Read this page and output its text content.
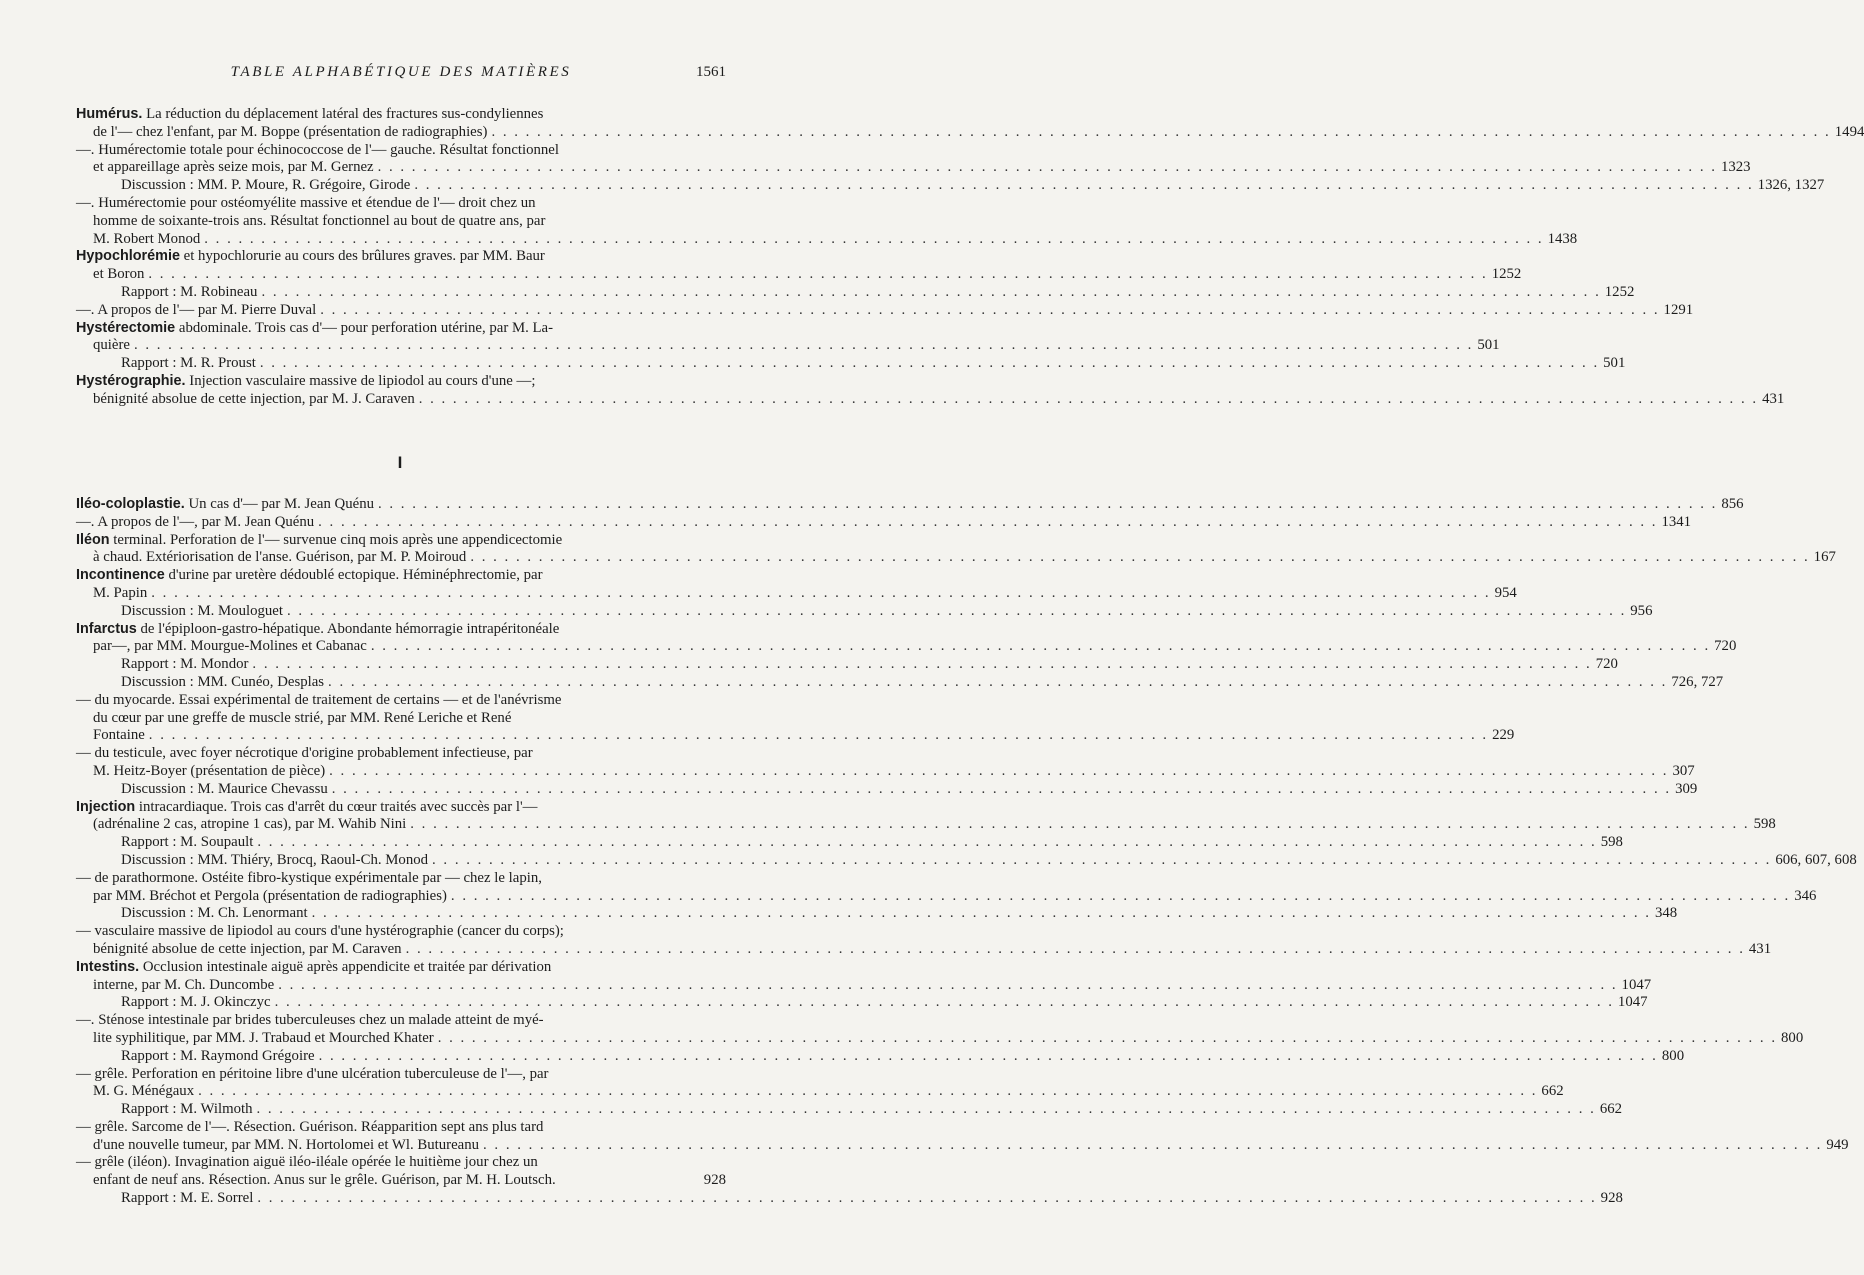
TABLE ALPHABÉTIQUE DES MATIÈRES	1561
Humérus. La réduction du déplacement latéral des fractures sus-condyliennes
de l'— chez l'enfant, par M. Boppe (présentation de radiographies) . . .	1494
—. Humérectomie totale pour échinococcose de l'— gauche. Résultat fonctionnel
et appareillage après seize mois, par M. Gernez . . .	1323
Discussion : MM. P. Moure, R. Grégoire, Girode . . .	1326, 1327
—. Humérectomie pour ostéomyélite massive et étendue de l'— droit chez un
homme de soixante-trois ans. Résultat fonctionnel au bout de quatre ans, par
M. Robert Monod . . .	1438
Hypochlorémie et hypochlorurie au cours des brûlures graves. par MM. Baur
et Boron . . .	1252
Rapport : M. Robineau . . .	1252
—. A propos de l'— par M. Pierre Duval . . .	1291
Hystérectomie abdominale. Trois cas d'— pour perforation utérine, par M. La-
quière . . .	501
Rapport : M. R. Proust . . .	501
Hystérographie. Injection vasculaire massive de lipiodol au cours d'une —;
bénignité absolue de cette injection, par M. J. Caraven . . .	431
I
Iléo-coloplastie. Un cas d'— par M. Jean Quénu . . .	856
—. A propos de l'—, par M. Jean Quénu . . .	1341
Iléon terminal. Perforation de l'— survenue cinq mois après une appendicectomie
à chaud. Extériorisation de l'anse. Guérison, par M. P. Moiroud . . .	167
Incontinence d'urine par uretère dédoublé ectopique. Héminéphrectomie, par
M. Papin . . .	954
Discussion : M. Mouloguet . . .	956
Infarctus de l'épiploon-gastro-hépatique. Abondante hémorragie intrapéritonéale
par—, par MM. Mourgue-Molines et Cabanac . . .	720
Rapport : M. Mondor . . .	720
Discussion : MM. Cunéo, Desplas . . .	726, 727
— du myocarde. Essai expérimental de traitement de certains — et de l'anévrisme
du cœur par une greffe de muscle strié, par MM. René Leriche et René
Fontaine . . .	229
— du testicule, avec foyer nécrotique d'origine probablement infectieuse, par
M. Heitz-Boyer (présentation de pièce) . . .	307
Discussion : M. Maurice Chevassu . . .	309
Injection intracardiaque. Trois cas d'arrêt du cœur traités avec succès par l'—
(adrénaline 2 cas, atropine 1 cas), par M. Wahib Nini . . .	598
Rapport : M. Soupault . . .	598
Discussion : MM. Thiéry, Brocq, Raoul-Ch. Monod . . .	606, 607, 608
— de parathormone. Ostéite fibro-kystique expérimentale par — chez le lapin,
par MM. Bréchot et Pergola (présentation de radiographies) . . .	346
Discussion : M. Ch. Lenormant . . .	348
— vasculaire massive de lipiodol au cours d'une hystérographie (cancer du corps);
bénignité absolue de cette injection, par M. Caraven . . .	431
Intestins. Occlusion intestinale aiguë après appendicite et traitée par dérivation
interne, par M. Ch. Duncombe . . .	1047
Rapport : M. J. Okinczyc . . .	1047
—. Sténose intestinale par brides tuberculeuses chez un malade atteint de myé-
lite syphilitique, par MM. J. Trabaud et Mourched Khater . . .	800
Rapport : M. Raymond Grégoire . . .	800
— grêle. Perforation en péritoine libre d'une ulcération tuberculeuse de l'—, par
M. G. Ménégaux . . .	662
Rapport : M. Wilmoth . . .	662
— grêle. Sarcome de l'—. Résection. Guérison. Réapparition sept ans plus tard
d'une nouvelle tumeur, par MM. N. Hortolomei et Wl. Butureanu . . .	949
— grêle (iléon). Invagination aiguë iléo-iléale opérée le huitième jour chez un
enfant de neuf ans. Résection. Anus sur le grêle. Guérison, par M. H. Loutsch.	928
Rapport : M. E. Sorrel . . .	928
